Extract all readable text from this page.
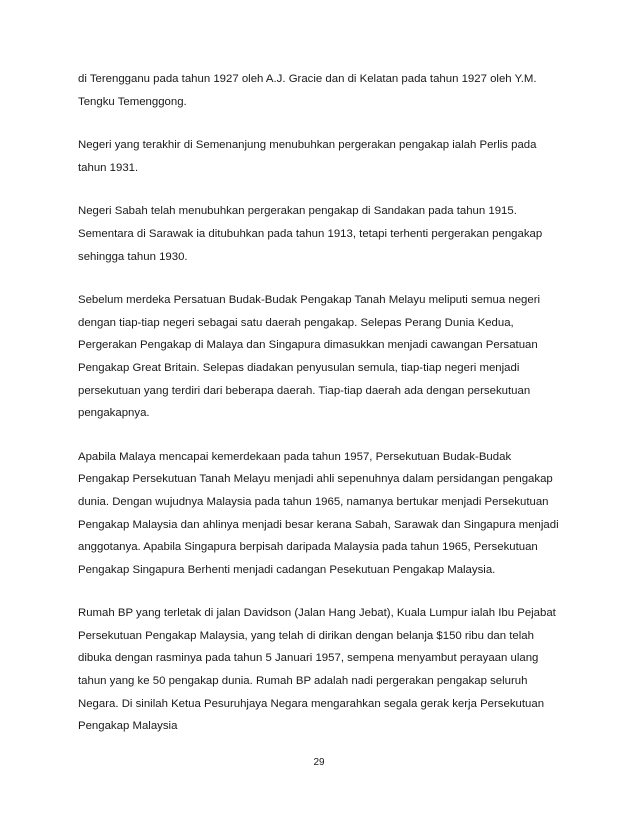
di Terengganu pada tahun 1927 oleh A.J. Gracie dan di Kelatan pada tahun 1927 oleh Y.M.
Tengku Temenggong.

Negeri yang terakhir di Semenanjung menubuhkan pergerakan pengakap ialah Perlis pada
tahun 1931.

Negeri Sabah telah menubuhkan pergerakan pengakap di Sandakan pada tahun 1915.
Sementara di Sarawak ia ditubuhkan pada tahun 1913, tetapi terhenti pergerakan pengakap
sehingga tahun 1930.

Sebelum merdeka Persatuan Budak-Budak Pengakap Tanah Melayu meliputi semua negeri
dengan tiap-tiap negeri sebagai satu daerah pengakap. Selepas Perang Dunia Kedua,
Pergerakan Pengakap di Malaya dan Singapura dimasukkan menjadi cawangan Persatuan
Pengakap Great Britain. Selepas diadakan penyusulan semula, tiap-tiap negeri menjadi
persekutuan yang terdiri dari beberapa daerah. Tiap-tiap daerah ada dengan persekutuan
pengakapnya.

Apabila Malaya mencapai kemerdekaan pada tahun 1957, Persekutuan Budak-Budak
Pengakap Persekutuan Tanah Melayu menjadi ahli sepenuhnya dalam persidangan pengakap
dunia. Dengan wujudnya Malaysia pada tahun 1965, namanya bertukar menjadi Persekutuan
Pengakap Malaysia dan ahlinya menjadi besar kerana Sabah, Sarawak dan Singapura menjadi
anggotanya. Apabila Singapura berpisah daripada Malaysia pada tahun 1965, Persekutuan
Pengakap Singapura Berhenti menjadi cadangan Pesekutuan Pengakap Malaysia.

Rumah BP yang terletak di jalan Davidson (Jalan Hang Jebat), Kuala Lumpur ialah Ibu Pejabat
Persekutuan Pengakap Malaysia, yang telah di dirikan dengan belanja $150 ribu dan telah
dibuka dengan rasminya pada tahun 5 Januari 1957, sempena menyambut perayaan ulang
tahun yang ke 50 pengakap dunia. Rumah BP adalah nadi pergerakan pengakap seluruh
Negara. Di sinilah Ketua Pesuruhjaya Negara mengarahkan segala gerak kerja Persekutuan
Pengakap Malaysia

29
